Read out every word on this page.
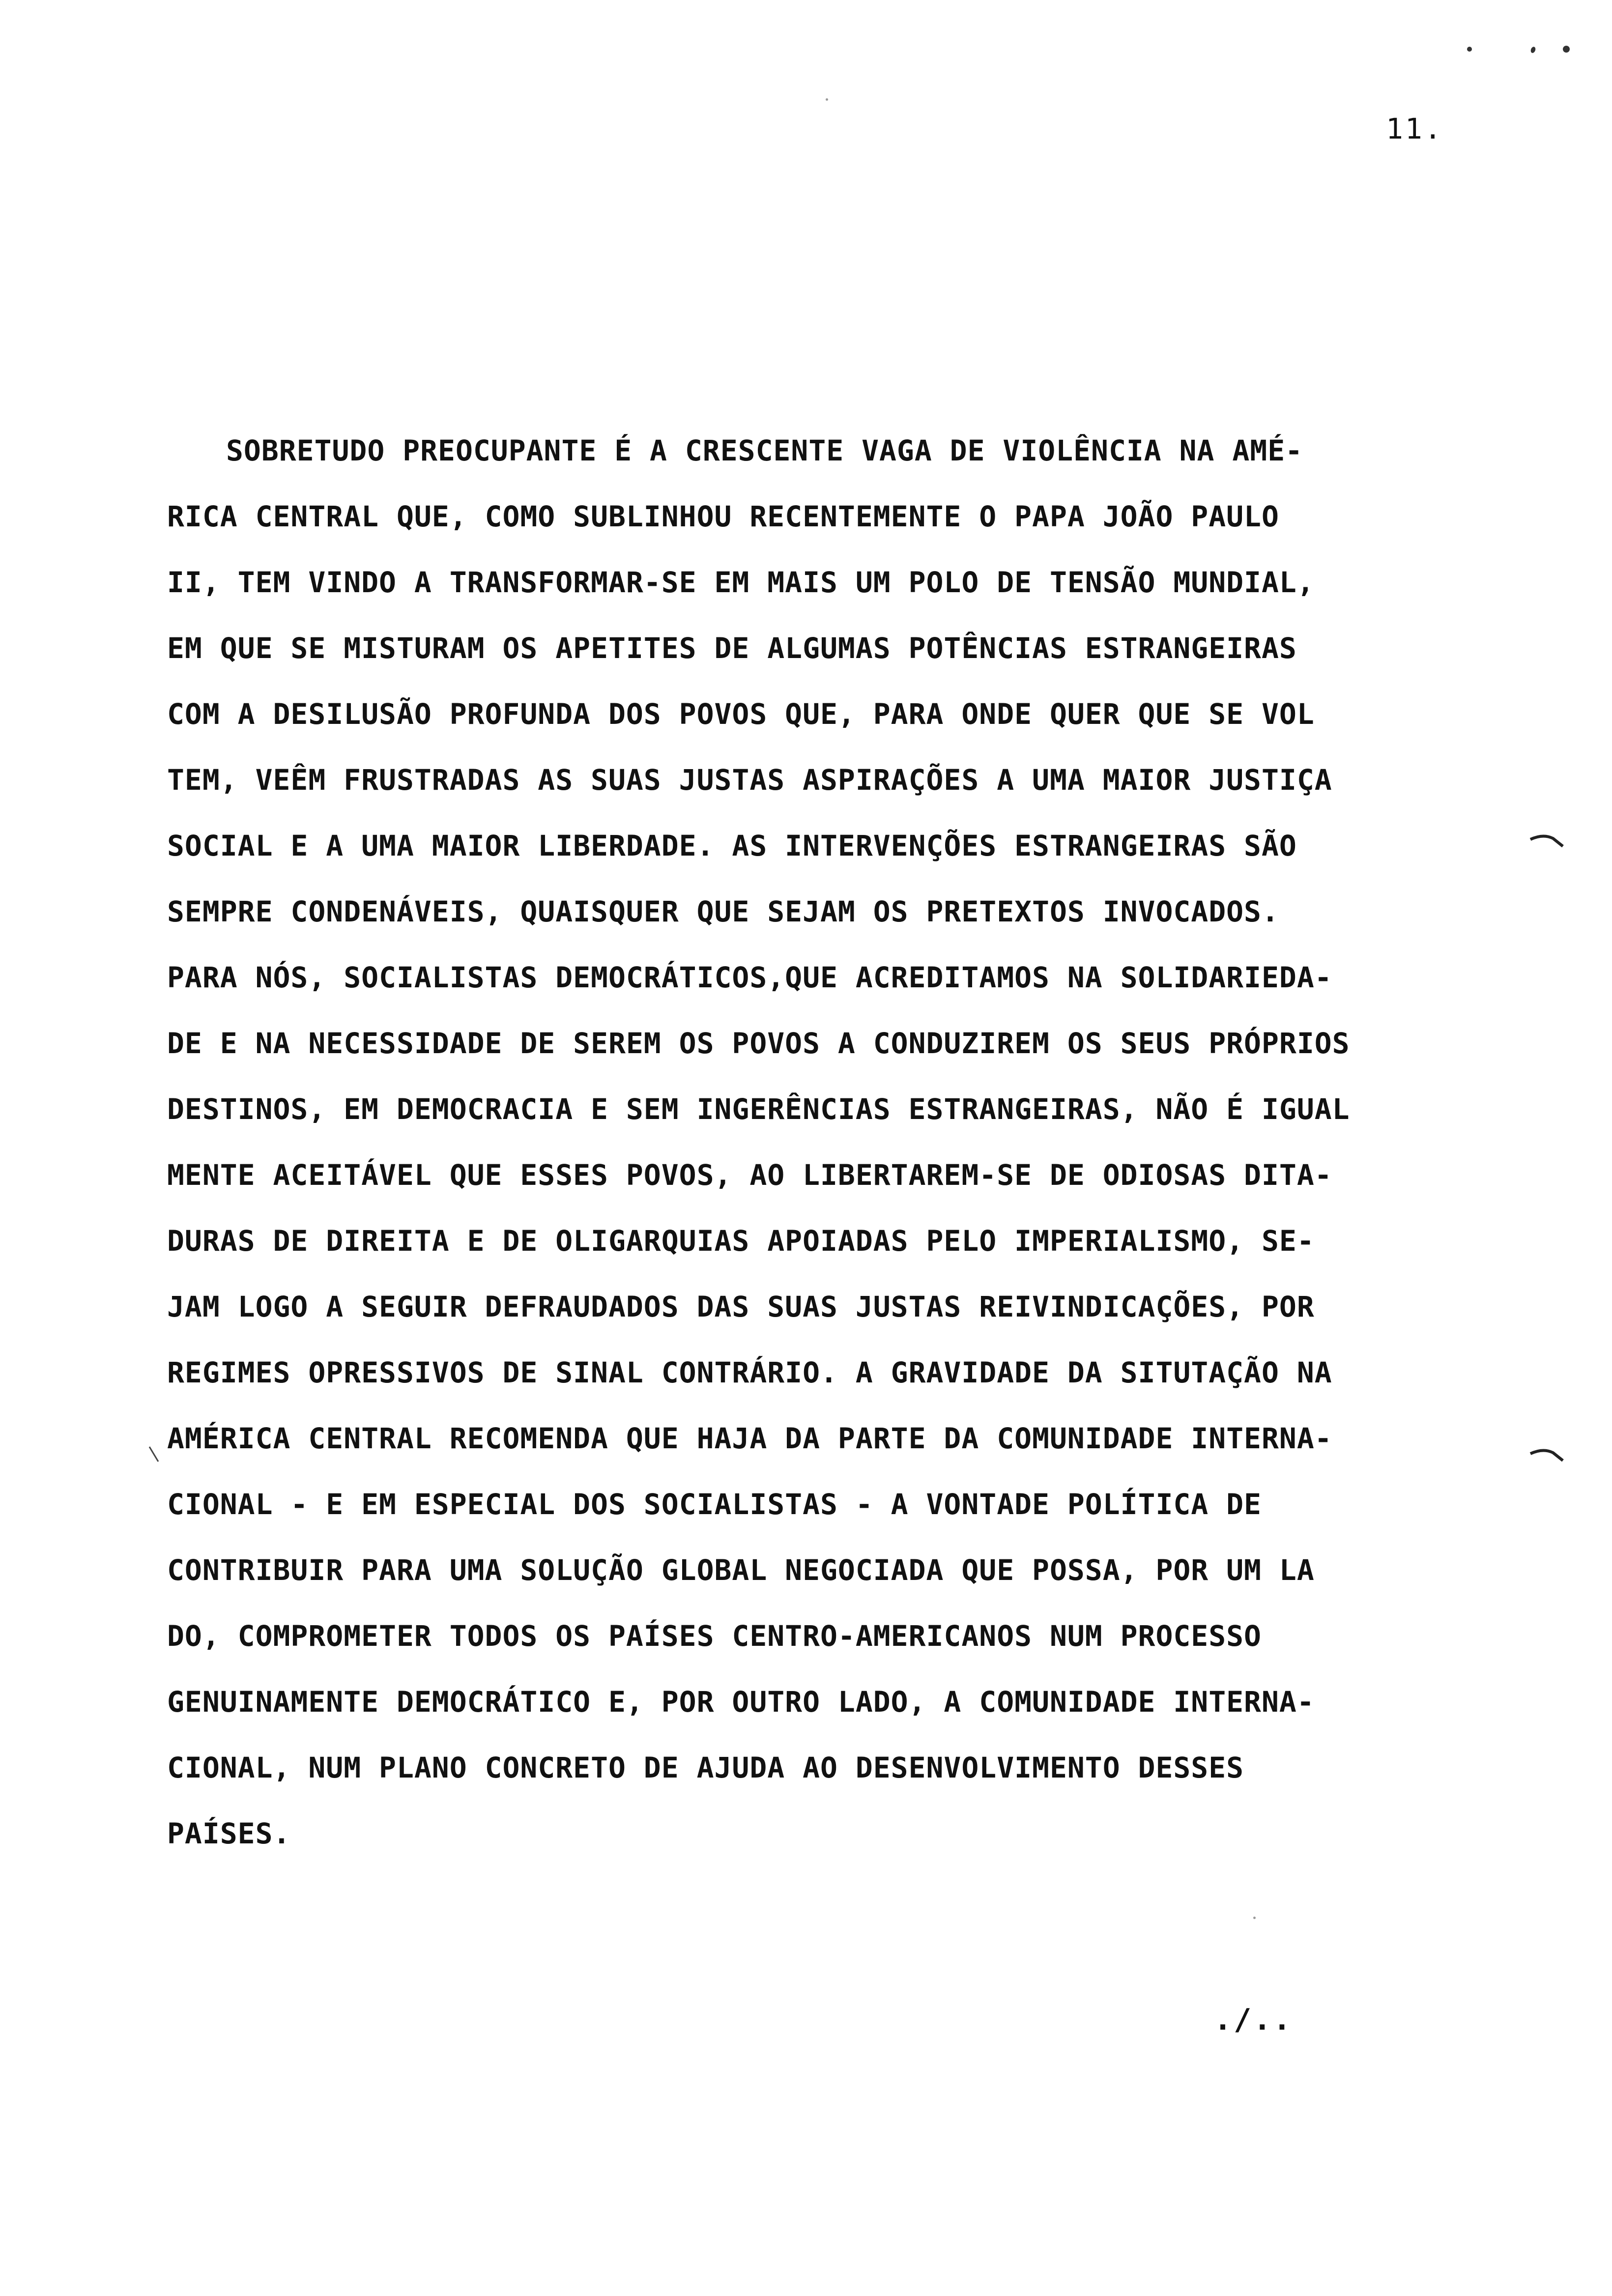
11.
SOBRETUDO PREOCUPANTE É A CRESCENTE VAGA DE VIOLÊNCIA NA AMÉ-
RICA CENTRAL QUE, COMO SUBLINHOU RECENTEMENTE O PAPA JOÃO PAULO
II, TEM VINDO A TRANSFORMAR-SE EM MAIS UM POLO DE TENSÃO MUNDIAL,
EM QUE SE MISTURAM OS APETITES DE ALGUMAS POTÊNCIAS ESTRANGEIRAS
COM A DESILUSÃO PROFUNDA DOS POVOS QUE, PARA ONDE QUER QUE SE VOL
TEM, VEÊM FRUSTRADAS AS SUAS JUSTAS ASPIRAÇÕES A UMA MAIOR JUSTIÇA
SOCIAL E A UMA MAIOR LIBERDADE. AS INTERVENÇÕES ESTRANGEIRAS SÃO
SEMPRE CONDENÁVEIS, QUAISQUER QUE SEJAM OS PRETEXTOS INVOCADOS.
PARA NÓS, SOCIALISTAS DEMOCRÁTICOS,QUE ACREDITAMOS NA SOLIDARIEDA-
DE E NA NECESSIDADE DE SEREM OS POVOS A CONDUZIREM OS SEUS PRÓPRIOS
DESTINOS, EM DEMOCRACIA E SEM INGERÊNCIAS ESTRANGEIRAS, NÃO É IGUAL
MENTE ACEITÁVEL QUE ESSES POVOS, AO LIBERTAREM-SE DE ODIOSAS DITA-
DURAS DE DIREITA E DE OLIGARQUIAS APOIADAS PELO IMPERIALISMO, SE-
JAM LOGO A SEGUIR DEFRAUDADOS DAS SUAS JUSTAS REIVINDICAÇÕES, POR
REGIMES OPRESSIVOS DE SINAL CONTRÁRIO. A GRAVIDADE DA SITUTAÇÃO NA
AMÉRICA CENTRAL RECOMENDA QUE HAJA DA PARTE DA COMUNIDADE INTERNA-
CIONAL - E EM ESPECIAL DOS SOCIALISTAS - A VONTADE POLÍTICA DE
CONTRIBUIR PARA UMA SOLUÇÃO GLOBAL NEGOCIADA QUE POSSA, POR UM LA
DO, COMPROMETER TODOS OS PAÍSES CENTRO-AMERICANOS NUM PROCESSO
GENUINAMENTE DEMOCRÁTICO E, POR OUTRO LADO, A COMUNIDADE INTERNA-
CIONAL, NUM PLANO CONCRETO DE AJUDA AO DESENVOLVIMENTO DESSES
PAÍSES.
./..
